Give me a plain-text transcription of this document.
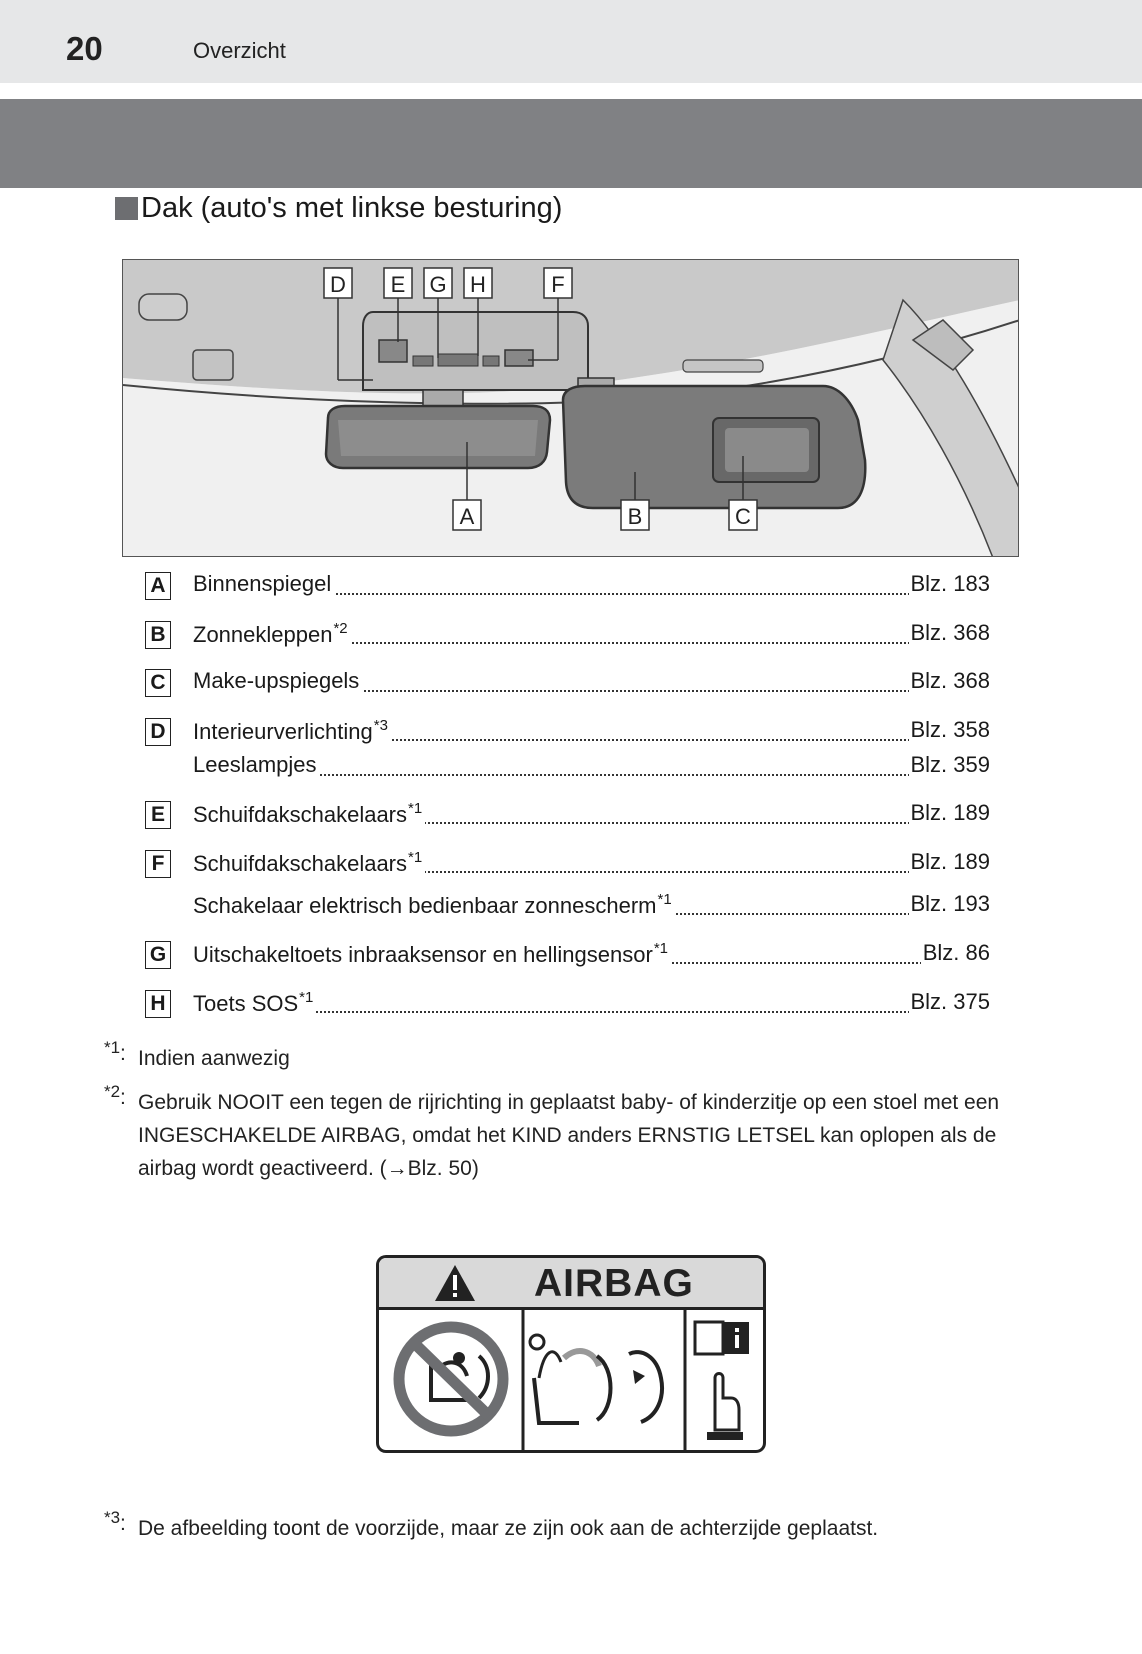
20	Overzicht
Dak (auto's met linkse besturing)
D E G H	F
A	B	C
A Binnenspiegel	Blz. 183
B Zonnekleppen$^{*2}$	Blz. 368
C Make-upspiegels	Blz. 368
D Interieurverlichting$^{*3}$	Blz. 358
Leeslampjes	Blz. 359
E Schuifdakschakelaars$^{*1}$	Blz. 189
F Schuifdakschakelaars$^{*1}$	Blz. 189
Schakelaar elektrisch bedienbaar zonnescherm$^{*1}$	Blz. 193
G Uitschakeltoets inbraaksensor en hellingsensor$^{*1}$	Blz. 86
H Toets SOS$^{*1}$	Blz. 375
*1 : Indien aanwezig
*2 : Gebruik NOOIT een tegen de rijrichting in geplaatst baby- of kinderzitje op een stoel met een INGESCHAKELDE AIRBAG, omdat het KIND anders ERNSTIG LETSEL kan oplopen als de airbag wordt geactiveerd. (→Blz. 50)
AIRBAG
*3 : De afbeelding toont de voorzijde, maar ze zijn ook aan de achterzijde geplaatst.
